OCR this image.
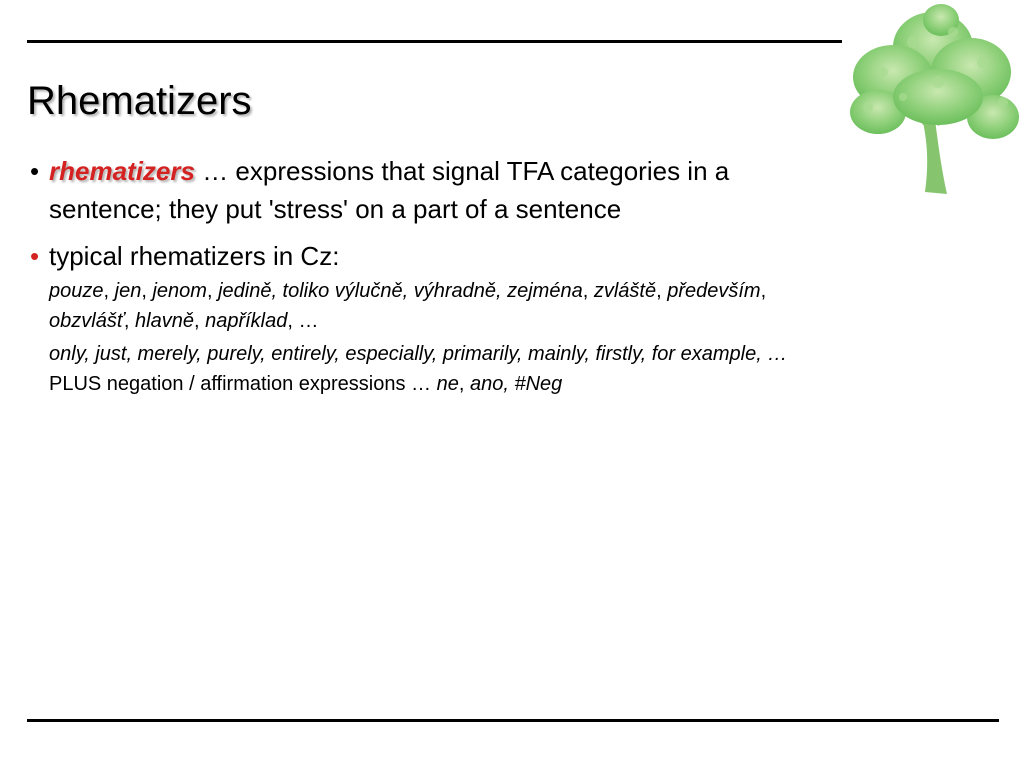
Rhematizers
• rhematizers … expressions that signal TFA categories in a
sentence; they put 'stress' on a part of a sentence
• typical rhematizers in Cz:
pouze, jen, jenom, jedině, toliko výlučně, výhradně, zejména, zvláště, především,
obzvlášť, hlavně, například, …
only, just, merely, purely, entirely, especially, primarily, mainly, firstly, for example, …
PLUS negation / affirmation expressions … ne, ano, #Neg
